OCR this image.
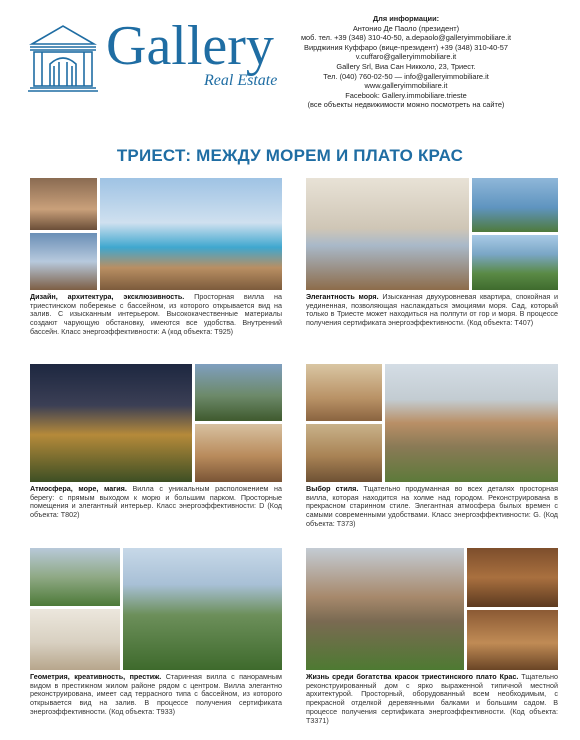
Gallery
Real Estate
Для информации:
Антонио Де Паоло (президент)
моб. тел. +39 (348) 310-40-50, a.depaolo@galleryimmobiliare.it
Вирджиния Куффаро (вице-президент) +39 (348) 310-40-57
v.cuffaro@galleryimmobiliare.it
Gallery Srl, Виа Сан Никколо, 23, Триест.
Тел. (040) 760-02-50 — info@galleryimmobiliare.it
www.galleryimmobiliare.it
Facebook: Gallery.immobiliare.trieste
(все объекты недвижимости можно посмотреть на сайте)
ТРИЕСТ: МЕЖДУ МОРЕМ И ПЛАТО КРАС
Дизайн, архитектура, эксклюзивность. Просторная вилла на триестинском побережье с бассейном, из которого открывается вид на залив. С изысканным интерьером. Высококачественные материалы создают чарующую обстановку, имеются все удобства. Внутренний бассейн. Класс энергоэффективности: A (код объекта: T925)
Элегантность моря. Изысканная двухуровневая квартира, спокойная и уединенная, позволяющая наслаждаться эмоциями моря. Сад, который только в Триесте может находиться на полпути от гор и моря. В процессе получения сертификата энергоэффективности. (Код объекта: T407)
Атмосфера, море, магия. Вилла с уникальным расположением на берегу: с прямым выходом к морю и большим парком. Просторные помещения и элегантный интерьер. Класс энергоэффективности: D (Код объекта: T802)
Выбор стиля. Тщательно продуманная во всех деталях просторная вилла, которая находится на холме над городом. Реконструирована в прекрасном старинном стиле. Элегантная атмосфера былых времен с самыми современными удобствами. Класс энергоэффективности: G. (Код объекта: T373)
Геометрия, креативность, престиж. Старинная вилла с панорамным видом в престижном жилом районе рядом с центром. Вилла элегантно реконструирована, имеет сад террасного типа с бассейном, из которого открывается вид на залив. В процессе получения сертификата энергоэффективности. (Код объекта: T933)
Жизнь среди богатства красок триестинского плато Крас. Тщательно реконструированный дом с ярко выраженной типичной местной архитектурой. Просторный, оборудованный всем необходимым, с прекрасной отделкой деревянными балками и большим садом. В процессе получения сертификата энергоэффективности. (Код объекта: T3371)
